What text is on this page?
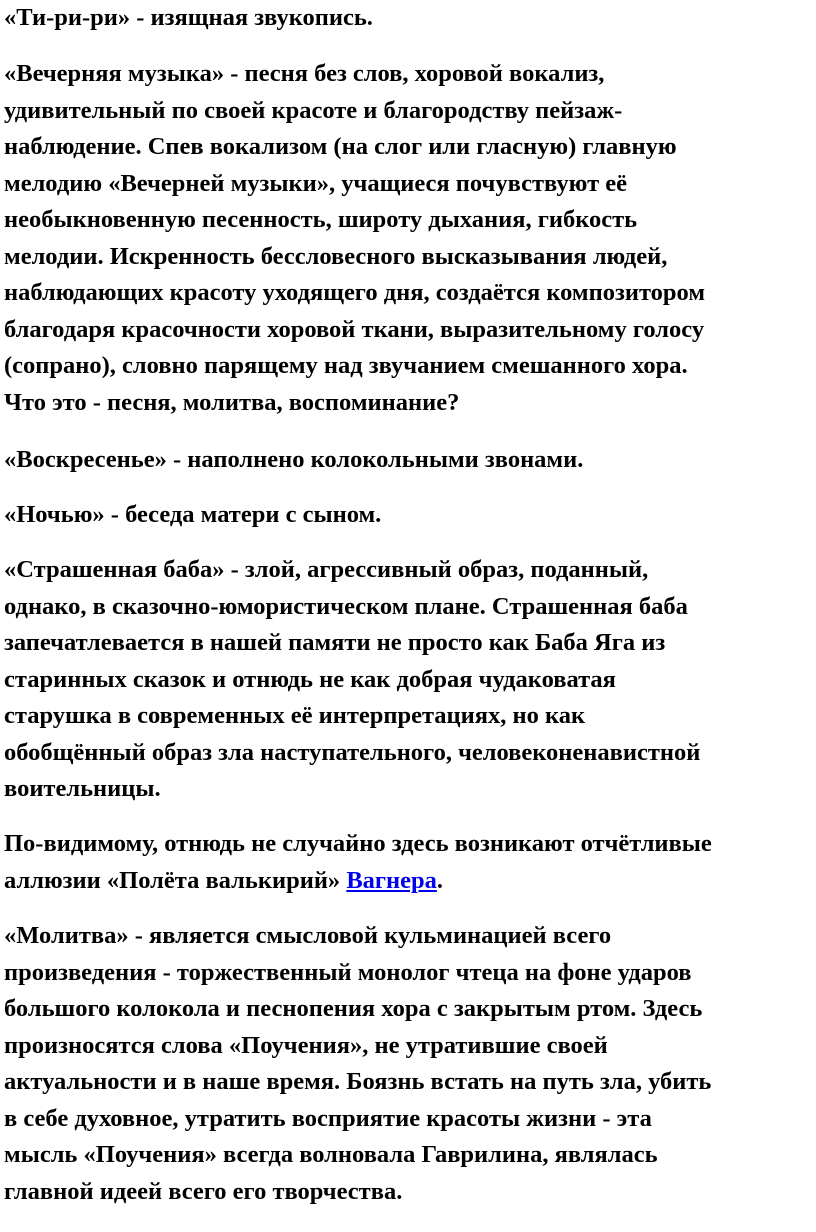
«Ти-ри-ри» - изящная звукопись.

«Вечерняя музыка» - песня без слов, хоровой вокализ,
удивительный по своей красоте и благородству пейзаж-
наблюдение. Спев вокализом (на слог или гласную) главную
мелодию «Вечерней музыки», учащиеся почувствуют её
необыкновенную песенность, широту дыхания, гибкость
мелодии. Искренность бессловесного высказывания людей,
наблюдающих красоту уходящего дня, создаётся композитором
благодаря красочности хоровой ткани, выразительному голосу
(сопрано), словно парящему над звучанием смешанного хора.
Что это - песня, молитва, воспоминание?

«Воскресенье» - наполнено колокольными звонами.

«Ночью» - беседа матери с сыном.

«Страшенная баба» - злой, агрессивный образ, поданный,
однако, в сказочно-юмористическом плане. Страшенная баба
запечатлевается в нашей памяти не просто как Баба Яга из
старинных сказок и отнюдь не как добрая чудаковатая
старушка в современных её интерпретациях, но как
обобщённый образ зла наступательного, человеконенавистной
воительницы.

По-видимому, отнюдь не случайно здесь возникают отчётливые
аллюзии «Полёта валькирий» Вагнера.

«Молитва» - является смысловой кульминацией всего
произведения - торжественный монолог чтеца на фоне ударов
большого колокола и песнопения хора с закрытым ртом. Здесь
произносятся слова «Поучения», не утратившие своей
актуальности и в наше время. Боязнь встать на путь зла, убить
в себе духовное, утратить восприятие красоты жизни - эта
мысль «Поучения» всегда волновала Гаврилина, являлась
главной идеей всего его творчества.
